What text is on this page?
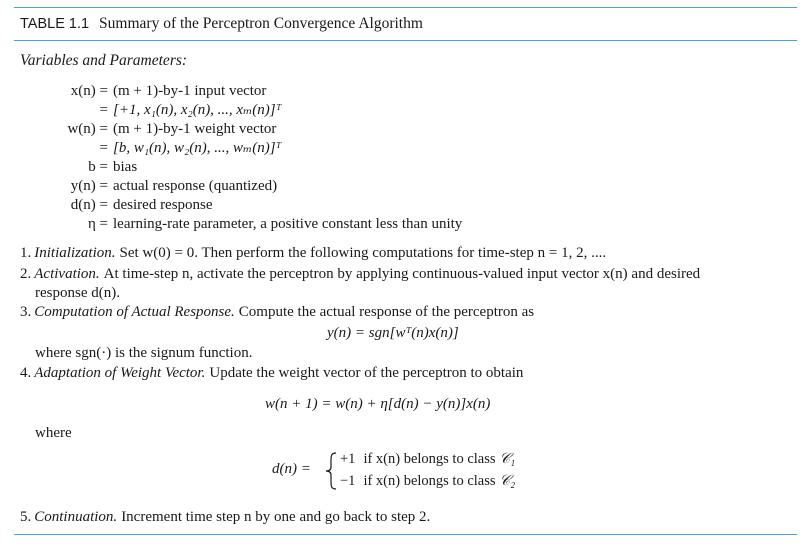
TABLE 1.1 Summary of the Perceptron Convergence Algorithm
Variables and Parameters:
x(n) = (m + 1)-by-1 input vector
= [+1, x₁(n), x₂(n), ..., xₘ(n)]ᵀ
w(n) = (m + 1)-by-1 weight vector
= [b, w₁(n), w₂(n), ..., wₘ(n)]ᵀ
b = bias
y(n) = actual response (quantized)
d(n) = desired response
η = learning-rate parameter, a positive constant less than unity
1. Initialization. Set w(0) = 0. Then perform the following computations for time-step n = 1, 2, ....
2. Activation. At time-step n, activate the perceptron by applying continuous-valued input vector x(n) and desired
response d(n).
3. Computation of Actual Response. Compute the actual response of the perceptron as
y(n) = sgn[wᵀ(n)x(n)]
where sgn(·) is the signum function.
4. Adaptation of Weight Vector. Update the weight vector of the perceptron to obtain
w(n + 1) = w(n) + η[d(n) − y(n)]x(n)
where
d(n) =
+1 if x(n) belongs to class 𝒞₁
−1 if x(n) belongs to class 𝒞₂
5. Continuation. Increment time step n by one and go back to step 2.
